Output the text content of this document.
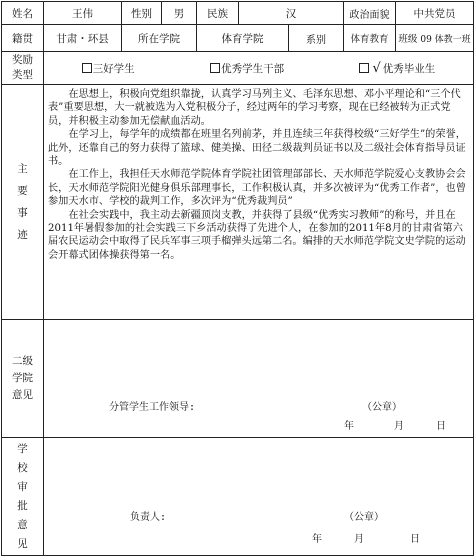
姓名	王伟	性别	男	民族	汉		政治面貌	中共党员
籍贯	甘肃・环县	所在学院		体育学院		系别	体育教育	班级 09 体教一班
奖励类型	三好学生 优秀学生干部 √ 优秀毕业生							

主要事迹	在思想上，积极向党组织靠拢，认真学习马列主义、毛泽东思想、邓小平理论和“三个代表”重要思想，大一就被选为入党积极分子，经过两年的学习考察，现在已经被转为正式党员，并积极主动参加无偿献血活动。

在学习上，每学年的成绩都在班里名列前茅，并且连续三年获得校级“三好学生”的荣誉，此外，还靠自己的努力获得了篮球、健美操、田径二级裁判员证书以及二级社会体育指导员证书。

在工作上，我担任天水师范学院体育学院社团管理部部长、天水师范学院爱心支教协会会长，天水师范学院阳光健身俱乐部理事长，工作积极认真，并多次被评为“优秀工作者”，也曾参加天水市、学校的裁判工作，多次评为“优秀裁判员”

在社会实践中，我主动去新疆顶岗支教，并获得了县级“优秀实习教师”的称号，并且在2011年暑假参加的社会实践三下乡活动获得了先进个人，在参加的2011年8月的甘肃省第六届农民运动会中取得了民兵军事三项手榴弹头远第二名。编排的天水师范学院文史学院的运动会开幕式团体操获得第一名。							

二级学院意见	分管学生工作领导: （公章）
年 月 日							

学校审批意见	负责人: （公章）
年 月 日							
